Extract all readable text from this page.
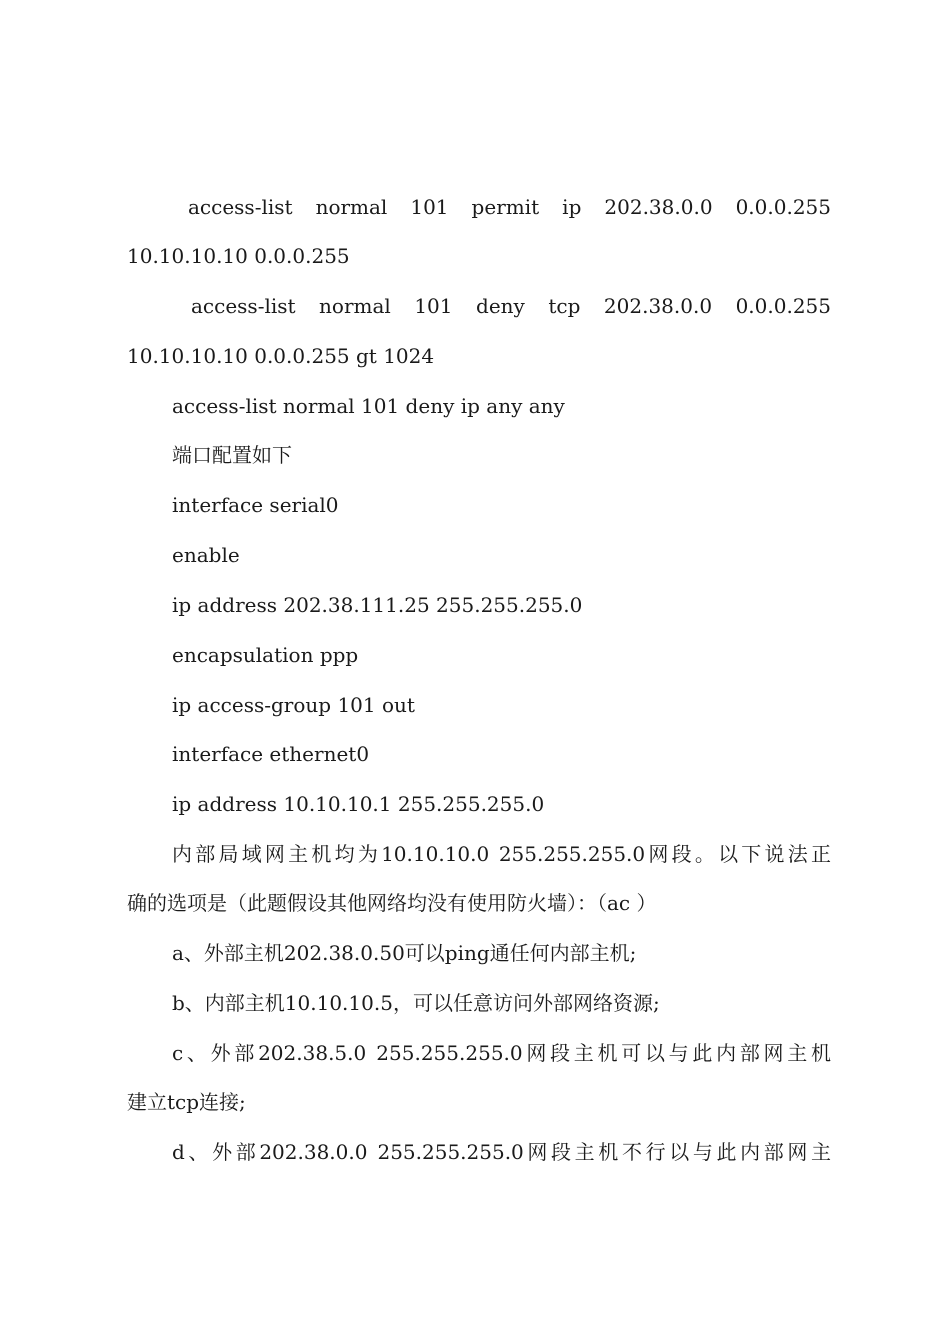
access-list normal 101 permit ip 202.38.0.0 0.0.0.255
10.10.10.10 0.0.0.255
access-list normal 101 deny tcp 202.38.0.0 0.0.0.255
10.10.10.10 0.0.0.255 gt 1024
access-list normal 101 deny ip any any
端口配置如下
interface serial0
enable
ip address 202.38.111.25 255.255.255.0
encapsulation ppp
ip access-group 101 out
interface ethernet0
ip address 10.10.10.1 255.255.255.0
内部局域网主机均为10.10.10.0 255.255.255.0网段。以下说法正
确的选项是（此题假设其他网络均没有使用防火墙）：（ac ）
a、外部主机202.38.0.50可以ping通任何内部主机;
b、内部主机10.10.10.5，可以任意访问外部网络资源;
c、外部202.38.5.0 255.255.255.0网段主机可以与此内部网主机
建立tcp连接;
d、外部202.38.0.0 255.255.255.0网段主机不行以与此内部网主
